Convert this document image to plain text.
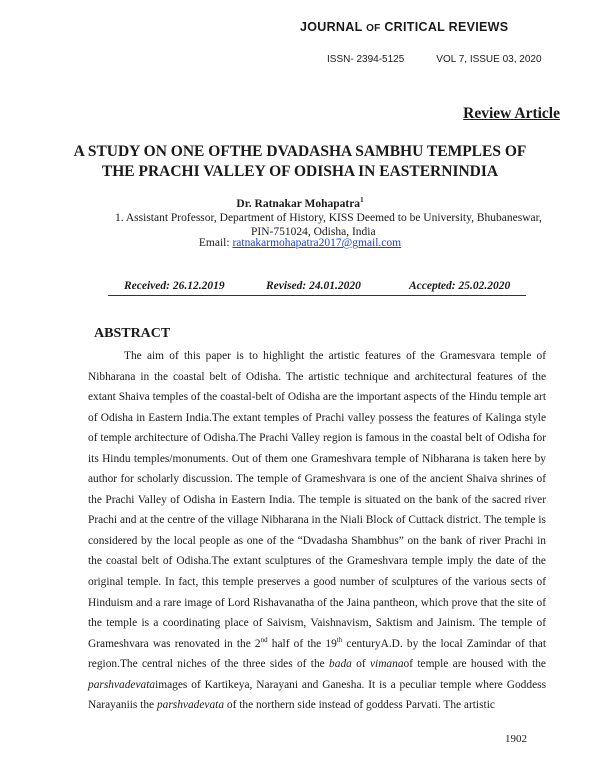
JOURNAL OF CRITICAL REVIEWS
ISSN- 2394-5125	VOL 7, ISSUE 03, 2020
Review Article
A STUDY ON ONE OFTHE DVADASHA SAMBHU TEMPLES OF
THE PRACHI VALLEY OF ODISHA IN EASTERNINDIA
Dr. Ratnakar Mohapatra$^1$
1. Assistant Professor, Department of History, KISS Deemed to be University, Bhubaneswar,
PIN-751024, Odisha, India
Email: ratnakarmohapatra2017@gmail.com
Received: 26.12.2019	Revised: 24.01.2020	Accepted: 25.02.2020
ABSTRACT

The aim of this paper is to highlight the artistic features of the Gramesvara temple of Nibharana in the coastal belt of Odisha. The artistic technique and architectural features of the extant Shaiva temples of the coastal-belt of Odisha are the important aspects of the Hindu temple art of Odisha in Eastern India.The extant temples of Prachi valley possess the features of Kalinga style of temple architecture of Odisha.The Prachi Valley region is famous in the coastal belt of Odisha for its Hindu temples/monuments. Out of them one Grameshvara temple of Nibharana is taken here by author for scholarly discussion. The temple of Grameshvara is one of the ancient Shaiva shrines of the Prachi Valley of Odisha in Eastern India. The temple is situated on the bank of the sacred river Prachi and at the centre of the village Nibharana in the Niali Block of Cuttack district. The temple is considered by the local people as one of the “Dvadasha Shambhus” on the bank of river Prachi in the coastal belt of Odisha.The extant sculptures of the Grameshvara temple imply the date of the original temple. In fact, this temple preserves a good number of sculptures of the various sects of Hinduism and a rare image of Lord Rishavanatha of the Jaina pantheon, which prove that the site of the temple is a coordinating place of Saivism, Vaishnavism, Saktism and Jainism. The temple of Grameshvara was renovated in the 2nd half of the 19th centuryA.D. by the local Zamindar of that region.The central niches of the three sides of the bada of vimanaof temple are housed with the parshvadevataimages of Kartikeya, Narayani and Ganesha. It is a peculiar temple where Goddess Narayaniis the parshvadevata of the northern side instead of goddess Parvati. The artistic

1902
